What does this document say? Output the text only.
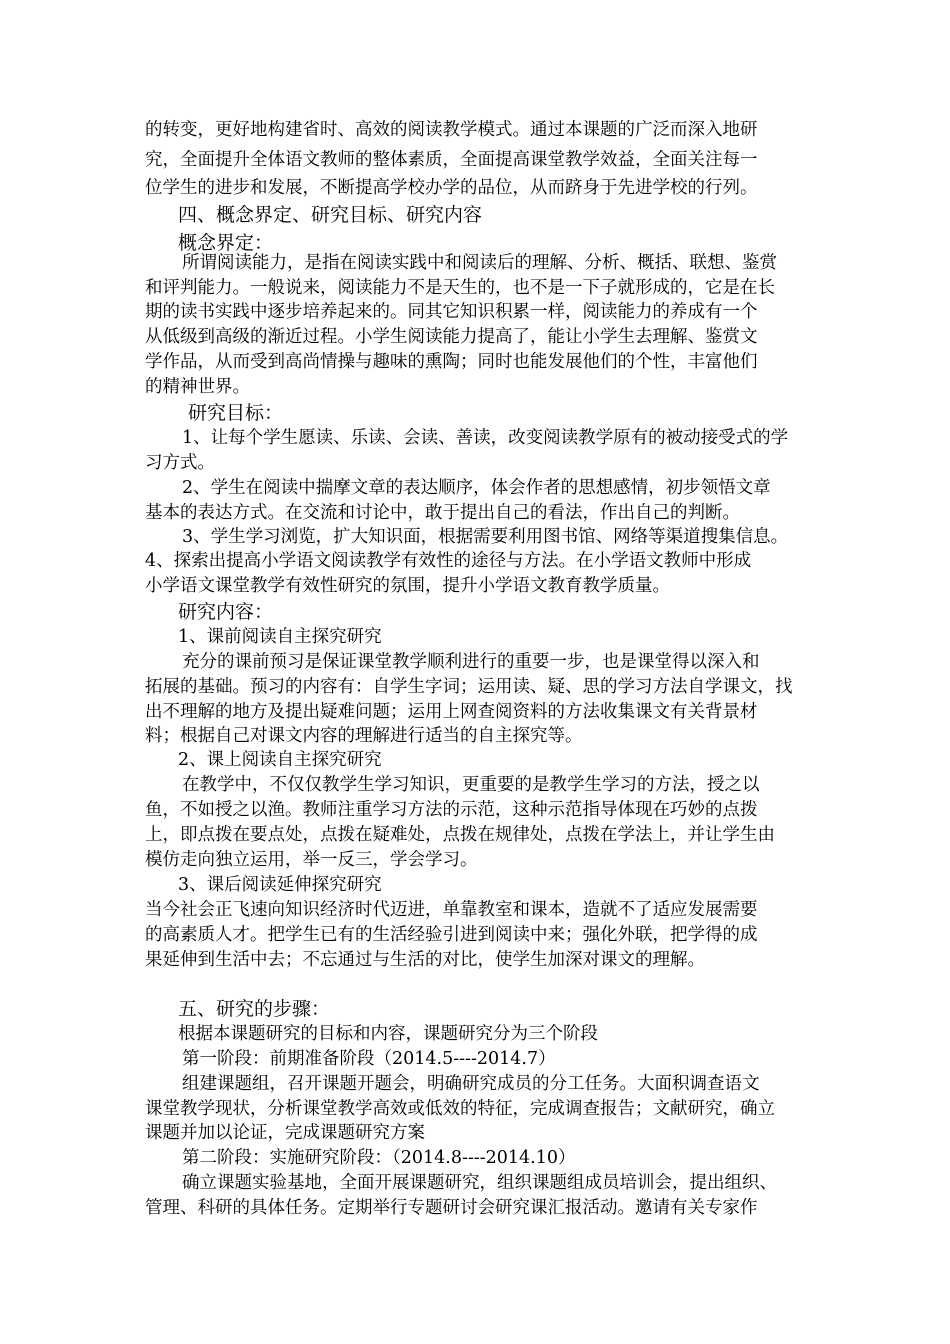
的转变，更好地构建省时、高效的阅读教学模式。通过本课题的广泛而深入地研
究，全面提升全体语文教师的整体素质，全面提高课堂教学效益，全面关注每一
位学生的进步和发展，不断提高学校办学的品位，从而跻身于先进学校的行列。
四、概念界定、研究目标、研究内容
概念界定：
所谓阅读能力，是指在阅读实践中和阅读后的理解、分析、概括、联想、鉴赏
和评判能力。一般说来，阅读能力不是天生的，也不是一下子就形成的，它是在长
期的读书实践中逐步培养起来的。同其它知识积累一样，阅读能力的养成有一个
从低级到高级的渐近过程。小学生阅读能力提高了，能让小学生去理解、鉴赏文
学作品，从而受到高尚情操与趣味的熏陶；同时也能发展他们的个性，丰富他们
的精神世界。
研究目标：
1、让每个学生愿读、乐读、会读、善读，改变阅读教学原有的被动接受式的学
习方式。
2、学生在阅读中揣摩文章的表达顺序，体会作者的思想感情，初步领悟文章
基本的表达方式。在交流和讨论中，敢于提出自己的看法，作出自己的判断。
3、学生学习浏览，扩大知识面，根据需要利用图书馆、网络等渠道搜集信息。
4、探索出提高小学语文阅读教学有效性的途径与方法。在小学语文教师中形成
小学语文课堂教学有效性研究的氛围，提升小学语文教育教学质量。
研究内容：
1、课前阅读自主探究研究
充分的课前预习是保证课堂教学顺利进行的重要一步，也是课堂得以深入和
拓展的基础。预习的内容有：自学生字词；运用读、疑、思的学习方法自学课文，找
出不理解的地方及提出疑难问题；运用上网查阅资料的方法收集课文有关背景材
料；根据自己对课文内容的理解进行适当的自主探究等。
2、课上阅读自主探究研究
在教学中，不仅仅教学生学习知识，更重要的是教学生学习的方法，授之以
鱼，不如授之以渔。教师注重学习方法的示范，这种示范指导体现在巧妙的点拨
上，即点拨在要点处，点拨在疑难处，点拨在规律处，点拨在学法上，并让学生由
模仿走向独立运用，举一反三，学会学习。
3、课后阅读延伸探究研究
当今社会正飞速向知识经济时代迈进，单靠教室和课本，造就不了适应发展需要
的高素质人才。把学生已有的生活经验引进到阅读中来；强化外联，把学得的成
果延伸到生活中去；不忘通过与生活的对比，使学生加深对课文的理解。
五、研究的步骤：
根据本课题研究的目标和内容，课题研究分为三个阶段
第一阶段：前期准备阶段（2014.5----2014.7）
组建课题组，召开课题开题会，明确研究成员的分工任务。大面积调查语文
课堂教学现状，分析课堂教学高效或低效的特征，完成调查报告；文献研究，确立
课题并加以论证，完成课题研究方案
第二阶段：实施研究阶段：（2014.8----2014.10）
确立课题实验基地，全面开展课题研究，组织课题组成员培训会，提出组织、
管理、科研的具体任务。定期举行专题研讨会研究课汇报活动。邀请有关专家作
